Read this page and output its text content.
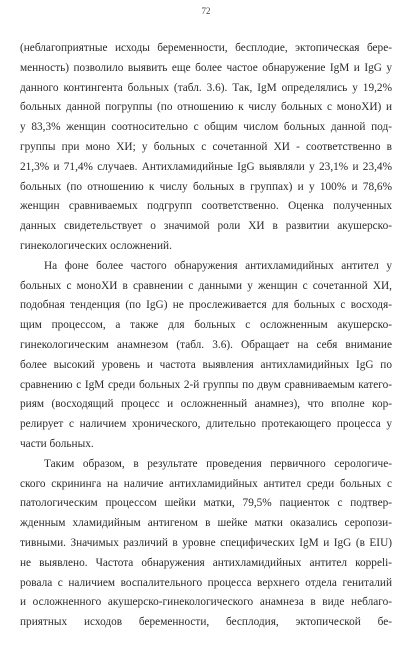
72

(неблагоприятные исходы беременности, бесплодие, эктопическая бере-
менность) позволило выявить еще более частое обнаружение IgM и IgG у
данного контингента больных (табл. 3.6). Так, IgM определялись у 19,2%
больных данной погруппы (по отношению к числу больных с моноХИ) и
у 83,3% женщин соотносительно с общим числом больных данной под-
группы при моно ХИ; у больных с сочетанной ХИ - соответственно в
21,3% и 71,4% случаев. Антихламидийные IgG выявляли у 23,1% и 23,4%
больных (по отношению к числу больных в группах) и у 100% и 78,6%
женщин сравниваемых подгрупп соответственно. Оценка полученных
данных свидетельствует о значимой роли ХИ в развитии акушерско-
гинекологических осложнений.

На фоне более частого обнаружения антихламидийных антител у
больных с моноХИ в сравнении с данными у женщин с сочетанной ХИ,
подобная тенденция (по IgG) не прослеживается для больных с восходя-
щим процессом, а также для больных с осложненным акушерско-
гинекологическим анамнезом (табл. 3.6). Обращает на себя внимание
более высокий уровень и частота выявления антихламидийных IgG по
сравнению с IgM среди больных 2-й группы по двум сравниваемым катего-
риям (восходящий процесс и осложненный анамнез), что вполне кор-
релирует с наличием хронического, длительно протекающего процесса у
части больных.

Таким образом, в результате проведения первичного серологиче-
ского скрининга на наличие антихламидийных антител среди больных с
патологическим процессом шейки матки, 79,5% пациенток с подтвер-
жденным хламидийным антигеном в шейке матки оказались серопози-
тивными. Значимых различий в уровне специфических IgM и IgG (в EIU)
не выявлено. Частота обнаружения антихламидийных антител корреli-
ровала с наличием воспалительного процесса верхнего отдела гениталий
и осложненного акушерско-гинекологического анамнеза в виде неблаго-
приятных исходов беременности, бесплодия, эктопической бе-
